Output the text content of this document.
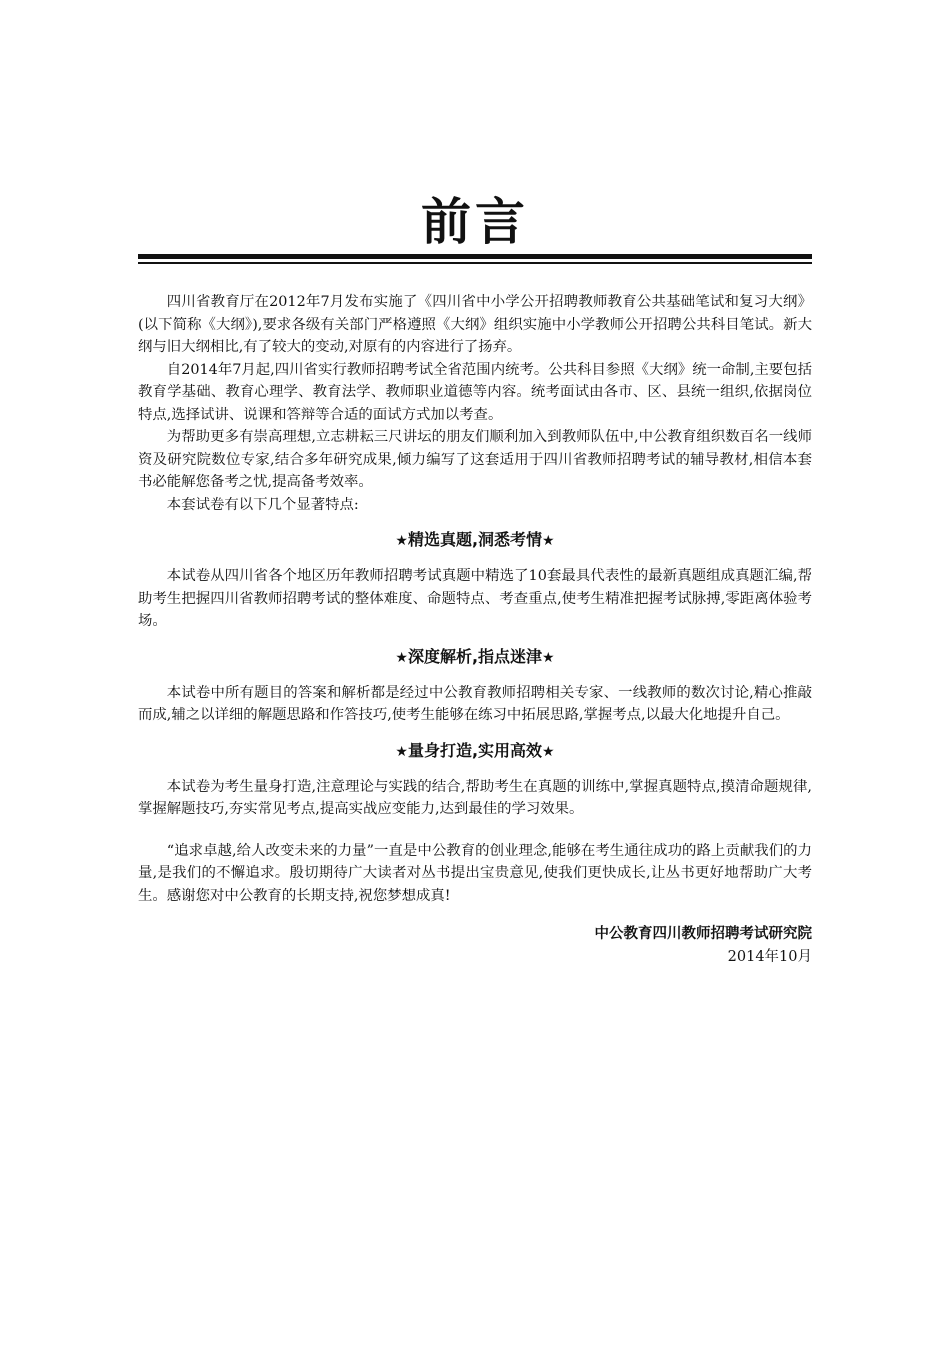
前言

四川省教育厅在2012年7月发布实施了《四川省中小学公开招聘教师教育公共基础笔试和复习大纲》(以下简称《大纲》),要求各级有关部门严格遵照《大纲》组织实施中小学教师公开招聘公共科目笔试。新大纲与旧大纲相比,有了较大的变动,对原有的内容进行了扬弃。

自2014年7月起,四川省实行教师招聘考试全省范围内统考。公共科目参照《大纲》统一命制,主要包括教育学基础、教育心理学、教育法学、教师职业道德等内容。统考面试由各市、区、县统一组织,依据岗位特点,选择试讲、说课和答辩等合适的面试方式加以考查。

为帮助更多有崇高理想,立志耕耘三尺讲坛的朋友们顺利加入到教师队伍中,中公教育组织数百名一线师资及研究院数位专家,结合多年研究成果,倾力编写了这套适用于四川省教师招聘考试的辅导教材,相信本套书必能解您备考之忧,提高备考效率。

本套试卷有以下几个显著特点:

★精选真题,洞悉考情★

本试卷从四川省各个地区历年教师招聘考试真题中精选了10套最具代表性的最新真题组成真题汇编,帮助考生把握四川省教师招聘考试的整体难度、命题特点、考查重点,使考生精准把握考试脉搏,零距离体验考场。

★深度解析,指点迷津★

本试卷中所有题目的答案和解析都是经过中公教育教师招聘相关专家、一线教师的数次讨论,精心推敲而成,辅之以详细的解题思路和作答技巧,使考生能够在练习中拓展思路,掌握考点,以最大化地提升自己。

★量身打造,实用高效★

本试卷为考生量身打造,注意理论与实践的结合,帮助考生在真题的训练中,掌握真题特点,摸清命题规律,掌握解题技巧,夯实常见考点,提高实战应变能力,达到最佳的学习效果。

“追求卓越,给人改变未来的力量”一直是中公教育的创业理念,能够在考生通往成功的路上贡献我们的力量,是我们的不懈追求。殷切期待广大读者对丛书提出宝贵意见,使我们更快成长,让丛书更好地帮助广大考生。感谢您对中公教育的长期支持,祝您梦想成真!

中公教育四川教师招聘考试研究院
2014年10月
